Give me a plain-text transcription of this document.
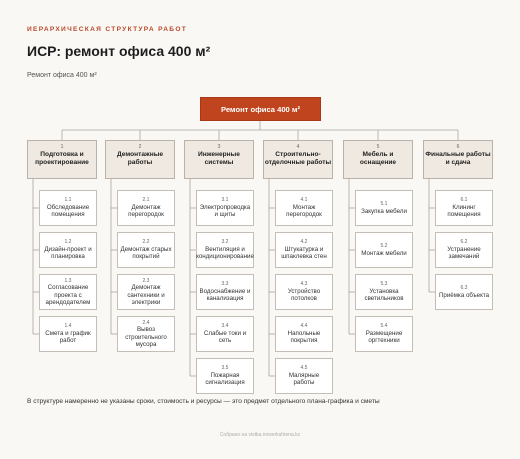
ИЕРАРХИЧЕСКАЯ СТРУКТУРА РАБОТ
ИСР: ремонт офиса 400 м²
Ремонт офиса 400 м²
Ремонт офиса 400 м²
1
Подготовка и проектирование
1.1
Обследование помещения
1.2
Дизайн-проект и планировка
1.3
Согласование проекта с арендодателем
1.4
Смета и график работ
2
Демонтажные работы
2.1
Демонтаж перегородок
2.2
Демонтаж старых покрытий
2.3
Демонтаж сантехники и электрики
2.4
Вывоз строительного мусора
3
Инженерные системы
3.1
Электропроводка и щиты
3.2
Вентиляция и кондиционирование
3.3
Водоснабжение и канализация
3.4
Слабые токи и сеть
3.5
Пожарная сигнализация
4
Строительно-отделочные работы
4.1
Монтаж перегородок
4.2
Штукатурка и шпаклевка стен
4.3
Устройство потолков
4.4
Напольные покрытия
4.5
Малярные работы
5
Мебель и оснащение
5.1
Закупка мебели
5.2
Монтаж мебели
5.3
Установка светильников
5.4
Размещение оргтехники
6
Финальные работы и сдача
6.1
Клининг помещения
6.2
Устранение замечаний
6.3
Приёмка объекта
В структуре намеренно не указаны сроки, стоимость и ресурсы — это предмет отдельного плана-графика и сметы
Собрано на vistka.nnwerkshtena.kz
